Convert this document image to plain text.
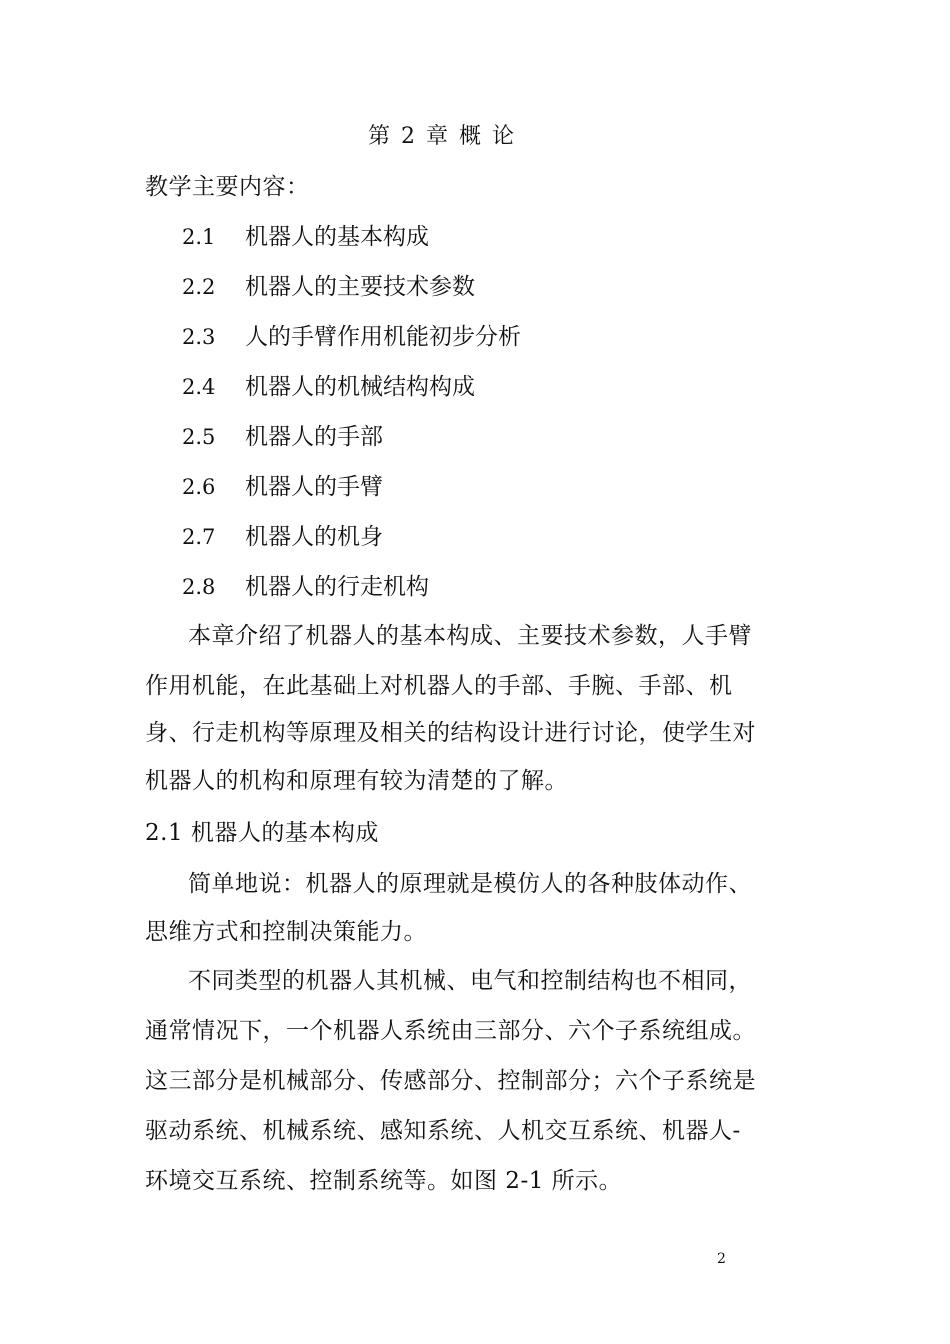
第 2 章 概 论
教学主要内容：
2.1 机器人的基本构成
2.2 机器人的主要技术参数
2.3 人的手臂作用机能初步分析
2.4 机器人的机械结构构成
2.5 机器人的手部
2.6 机器人的手臂
2.7 机器人的机身
2.8 机器人的行走机构
本章介绍了机器人的基本构成、主要技术参数，人手臂
作用机能，在此基础上对机器人的手部、手腕、手部、机
身、行走机构等原理及相关的结构设计进行讨论，使学生对
机器人的机构和原理有较为清楚的了解。
2.1 机器人的基本构成
简单地说：机器人的原理就是模仿人的各种肢体动作、
思维方式和控制决策能力。
不同类型的机器人其机械、电气和控制结构也不相同，
通常情况下，一个机器人系统由三部分、六个子系统组成。
这三部分是机械部分、传感部分、控制部分；六个子系统是
驱动系统、机械系统、感知系统、人机交互系统、机器人-
环境交互系统、控制系统等。如图 2-1 所示。
2
